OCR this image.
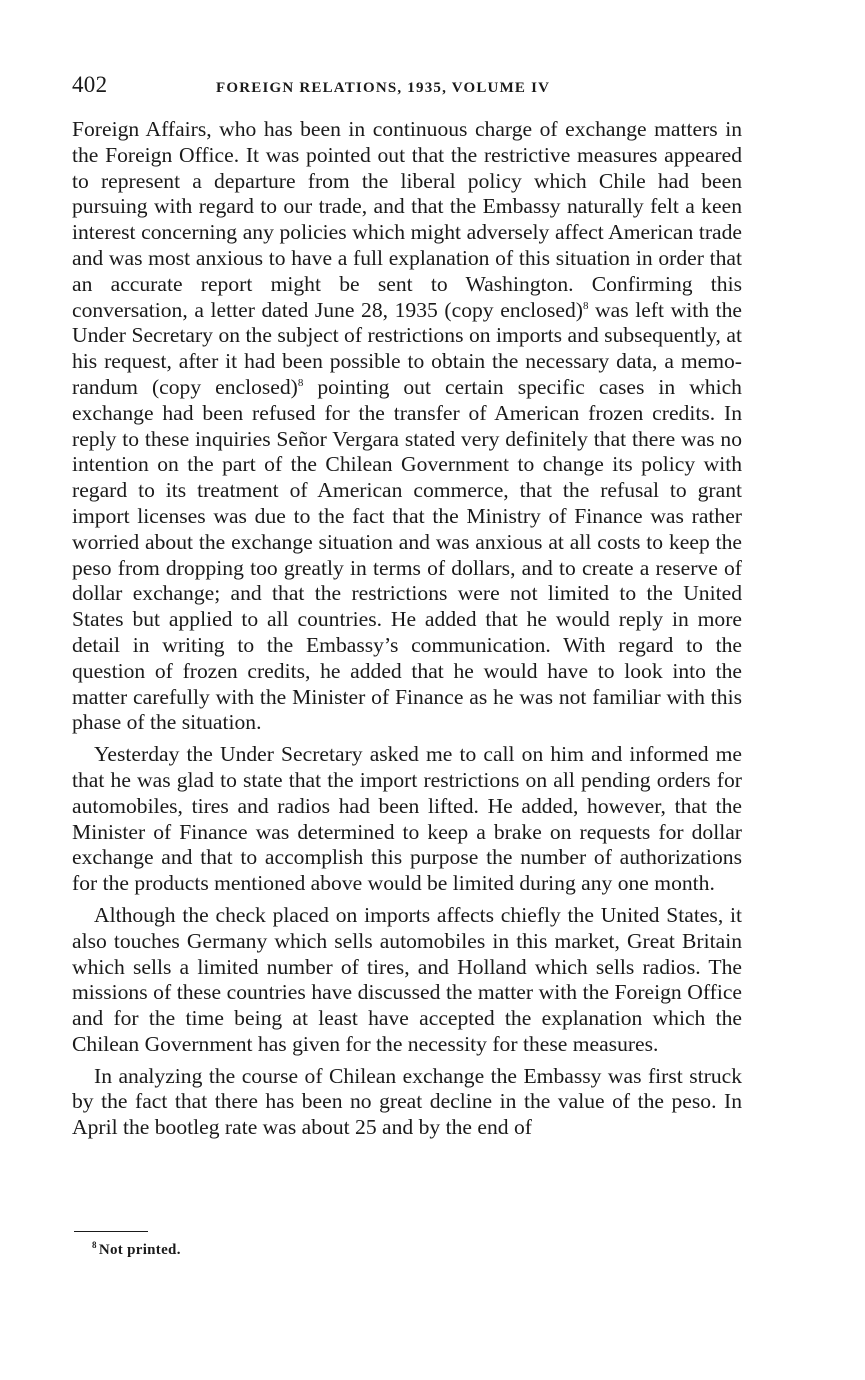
402	FOREIGN RELATIONS, 1935, VOLUME IV

Foreign Affairs, who has been in continuous charge of exchange matters in the Foreign Office. It was pointed out that the restrictive measures appeared to represent a departure from the liberal policy which Chile had been pursuing with regard to our trade, and that the Embassy naturally felt a keen interest concerning any policies which might adversely affect American trade and was most anxious to have a full explanation of this situation in order that an accurate report might be sent to Washington. Confirming this conversation, a letter dated June 28, 1935 (copy enclosed)$^8$ was left with the Under Secretary on the subject of restrictions on imports and subsequently, at his request, after it had been possible to obtain the necessary data, a memorandum (copy enclosed)$^8$ pointing out certain specific cases in which exchange had been refused for the transfer of American frozen credits. In reply to these inquiries Señor Vergara stated very definitely that there was no intention on the part of the Chilean Government to change its policy with regard to its treatment of American commerce, that the refusal to grant import licenses was due to the fact that the Ministry of Finance was rather worried about the exchange situation and was anxious at all costs to keep the peso from dropping too greatly in terms of dollars, and to create a reserve of dollar exchange; and that the restrictions were not limited to the United States but applied to all countries. He added that he would reply in more detail in writing to the Embassy’s communication. With regard to the question of frozen credits, he added that he would have to look into the matter carefully with the Minister of Finance as he was not familiar with this phase of the situation.

Yesterday the Under Secretary asked me to call on him and informed me that he was glad to state that the import restrictions on all pending orders for automobiles, tires and radios had been lifted. He added, however, that the Minister of Finance was determined to keep a brake on requests for dollar exchange and that to accomplish this purpose the number of authorizations for the products mentioned above would be limited during any one month.

Although the check placed on imports affects chiefly the United States, it also touches Germany which sells automobiles in this market, Great Britain which sells a limited number of tires, and Holland which sells radios. The missions of these countries have discussed the matter with the Foreign Office and for the time being at least have accepted the explanation which the Chilean Government has given for the necessity for these measures.

In analyzing the course of Chilean exchange the Embassy was first struck by the fact that there has been no great decline in the value of the peso. In April the bootleg rate was about 25 and by the end of

$^8$ Not printed.
